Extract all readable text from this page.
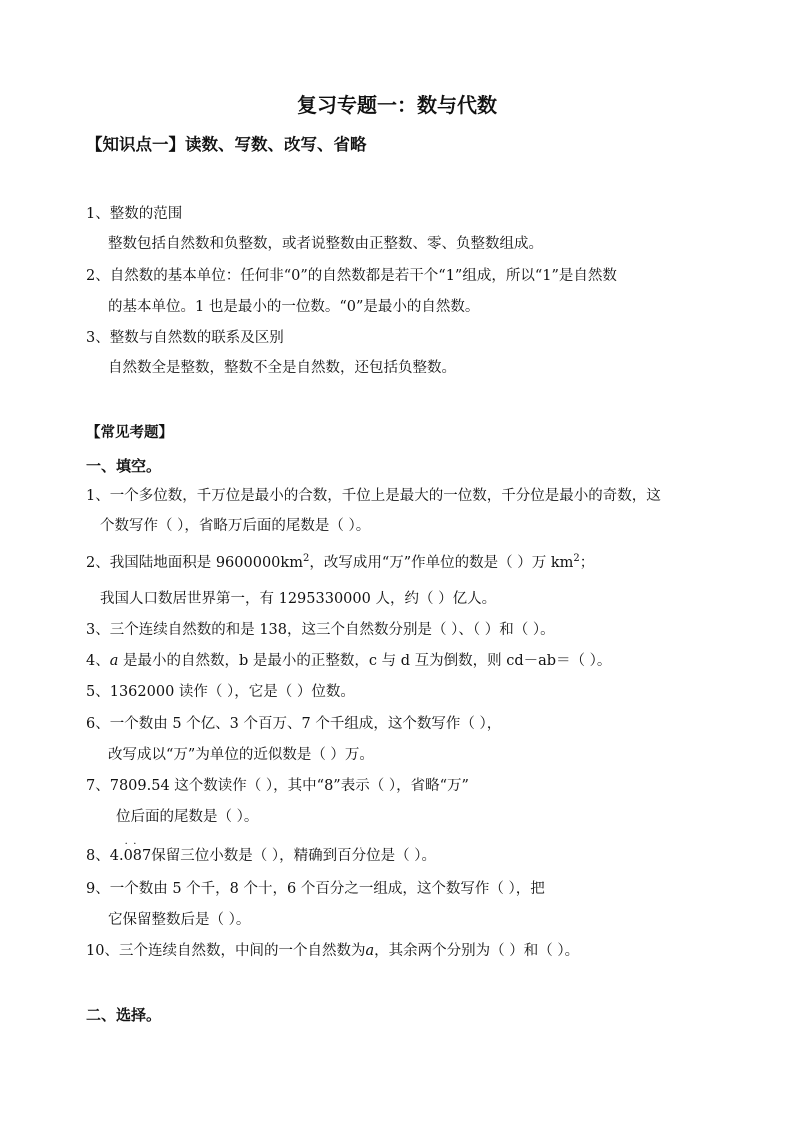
复习专题一：数与代数
【知识点一】读数、写数、改写、省略
1、整数的范围
整数包括自然数和负整数，或者说整数由正整数、零、负整数组成。
2、自然数的基本单位：任何非“0”的自然数都是若干个“1”组成，所以“1”是自然数
的基本单位。1 也是最小的一位数。“0”是最小的自然数。
3、整数与自然数的联系及区别
自然数全是整数，整数不全是自然数，还包括负整数。
【常见考题】
一、填空。
1、一个多位数，千万位是最小的合数，千位上是最大的一位数，千分位是最小的奇数，这
个数写作（ ），省略万后面的尾数是（ ）。
2、我国陆地面积是 $9600000km^2$，改写成用“万”作单位的数是（ ）万 $km^2$；
我国人口数居世界第一，有 1295330000 人，约（ ）亿人。
3、三个连续自然数的和是 138，这三个自然数分别是（ ）、（ ）和（ ）。
4、a 是最小的自然数，b 是最小的正整数，c 与 d 互为倒数，则 cd－ab＝（ ）。
5、1362000 读作（ ），它是（ ）位数。
6、一个数由 5 个亿、3 个百万、7 个千组成，这个数写作（ ），
改写成以“万”为单位的近似数是（ ）万。
7、7809.54 这个数读作（ ），其中“8”表示（ ），省略“万”
位后面的尾数是（ ）。
8、4.· · 087保留三位小数是（ ），精确到百分位是（ ）。
9、一个数由 5 个千，8 个十，6 个百分之一组成，这个数写作（ ），把
它保留整数后是（ ）。
10、三个连续自然数，中间的一个自然数为a，其余两个分别为（ ）和（ ）。
二、选择。
